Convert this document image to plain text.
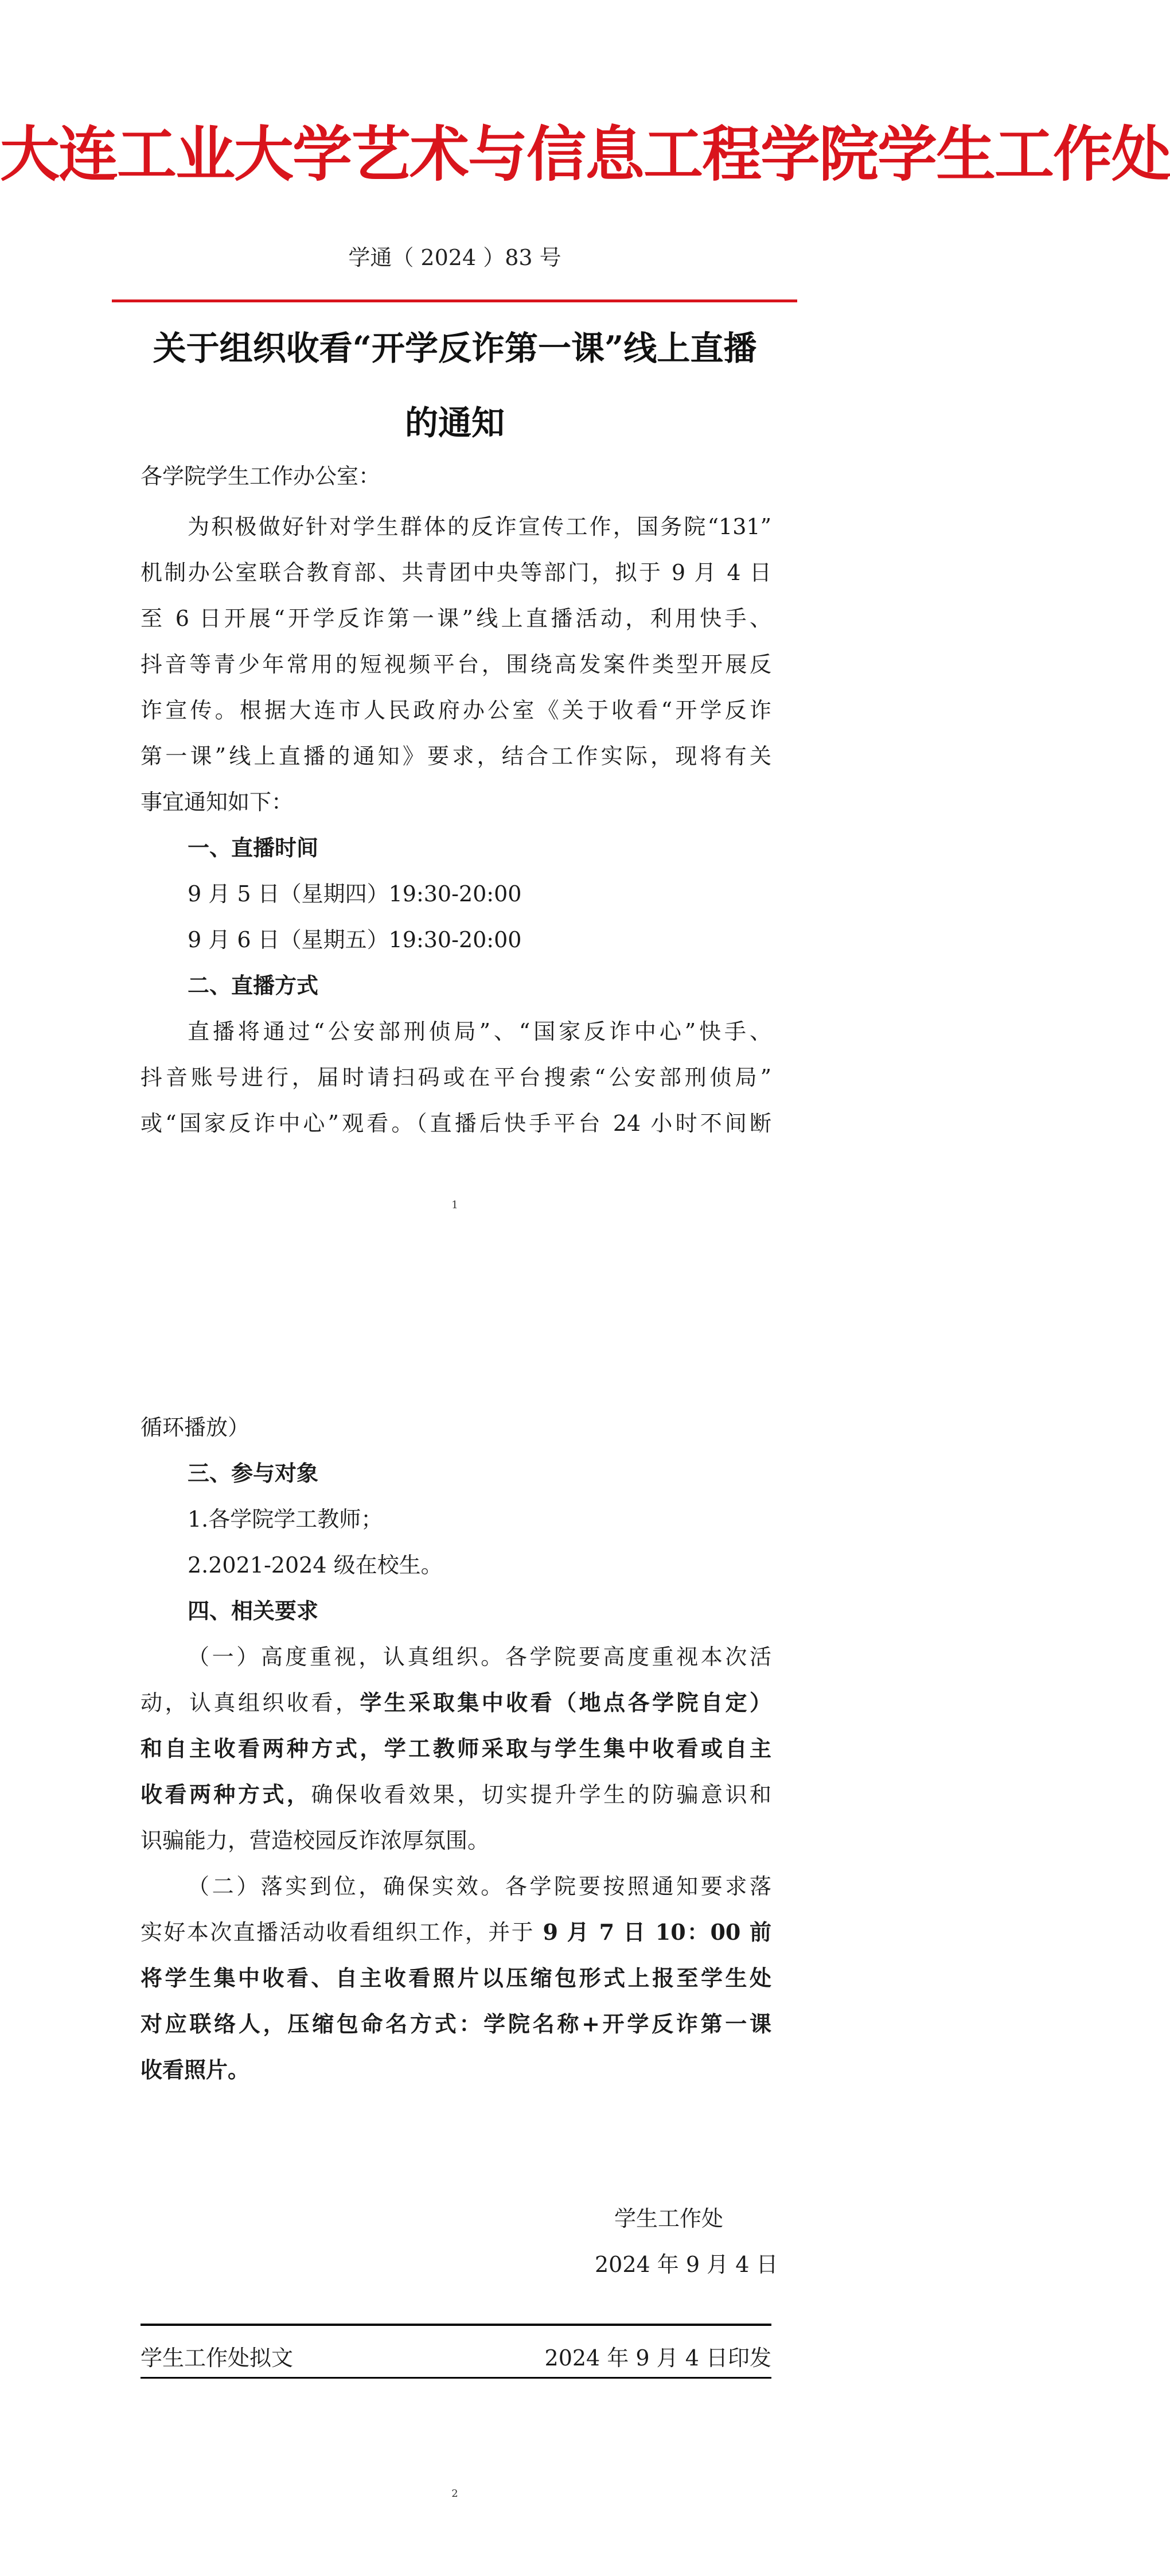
大连工业大学艺术与信息工程学院学生工作处
学通（ 2024 ）83 号
关于组织收看“开学反诈第一课”线上直播
的通知
各学院学生工作办公室：
为积极做好针对学生群体的反诈宣传工作，国务院“131”
机制办公室联合教育部、共青团中央等部门，拟于 9 月 4 日
至 6 日开展“开学反诈第一课”线上直播活动，利用快手、
抖音等青少年常用的短视频平台，围绕高发案件类型开展反
诈宣传。根据大连市人民政府办公室《关于收看“开学反诈
第一课”线上直播的通知》要求，结合工作实际，现将有关
事宜通知如下：
一、直播时间
9 月 5 日（星期四）19:30-20:00
9 月 6 日（星期五）19:30-20:00
二、直播方式
直播将通过“公安部刑侦局”、“国家反诈中心”快手、
抖音账号进行，届时请扫码或在平台搜索“公安部刑侦局”
或“国家反诈中心”观看。（直播后快手平台 24 小时不间断
1
循环播放）
三、参与对象
1.各学院学工教师；
2.2021-2024 级在校生。
四、相关要求
（一）高度重视，认真组织。各学院要高度重视本次活
动，认真组织收看，学生采取集中收看（地点各学院自定）
和自主收看两种方式，学工教师采取与学生集中收看或自主
收看两种方式，确保收看效果，切实提升学生的防骗意识和
识骗能力，营造校园反诈浓厚氛围。
（二）落实到位，确保实效。各学院要按照通知要求落
实好本次直播活动收看组织工作，并于 9 月 7 日 10：00 前
将学生集中收看、自主收看照片以压缩包形式上报至学生处
对应联络人，压缩包命名方式：学院名称+开学反诈第一课
收看照片。
学生工作处
2024 年 9 月 4 日
学生工作处拟文	2024 年 9 月 4 日印发
2
